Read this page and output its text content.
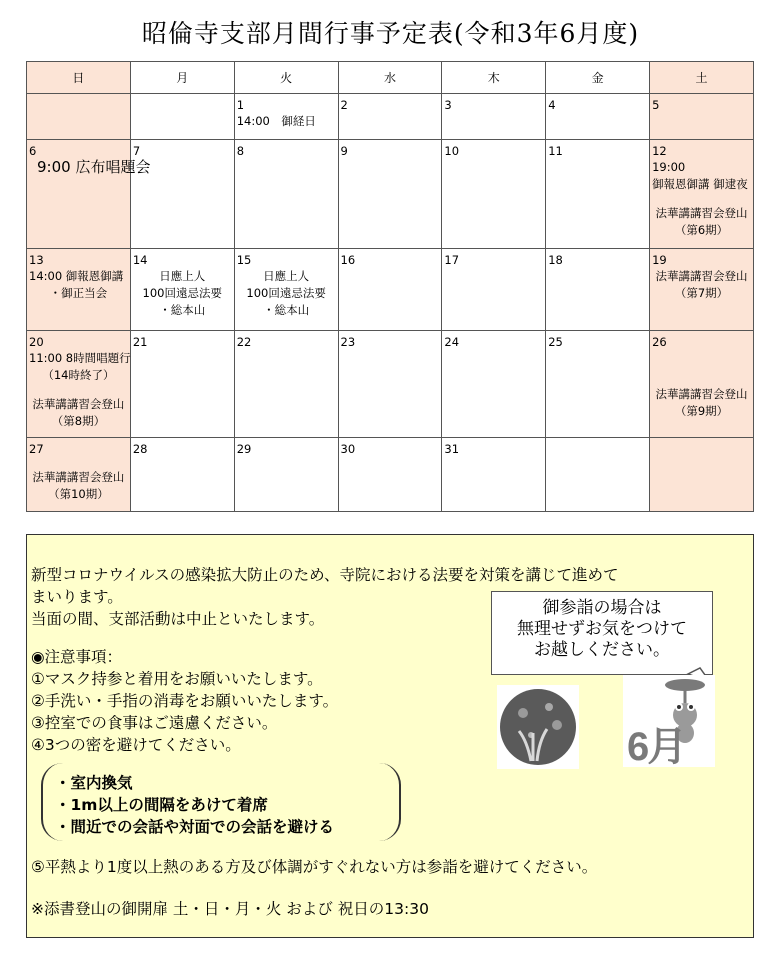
昭倫寺支部月間行事予定表(令和3年6月度)
日	月	火	水	木	金	土

		1
14:00　御経日	2	3	4	5

6
9:00 広布唱題会	7	8	9	10	11	12
19:00
御報恩御講 御逮夜
法華講講習会登山
（第6期）

13
14:00 御報恩御講
・御正当会	14
日應上人
100回遠忌法要
・総本山	15
日應上人
100回遠忌法要
・総本山	16	17	18	19
法華講講習会登山
（第7期）

20
11:00 8時間唱題行
（14時終了）
法華講講習会登山
（第8期）	21	22	23	24	25	26
法華講講習会登山
（第9期）

27
法華講講習会登山
（第10期）	28	29	30	31		

新型コロナウイルスの感染拡大防止のため、寺院における法要を対策を講じて進めて
まいります。
当面の間、支部活動は中止といたします。
◉注意事項：
①マスク持参と着用をお願いいたします。
②手洗い・手指の消毒をお願いいたします。
③控室での食事はご遠慮ください。
④3つの密を避けてください。
・室内換気
・1m以上の間隔をあけて着席
・間近での会話や対面での会話を避ける
⑤平熱より1度以上熱のある方及び体調がすぐれない方は参詣を避けてください。
※添書登山の御開扉 土・日・月・火 および 祝日の13:30
御参詣の場合は
無理せずお気をつけて
お越しください。
6月
